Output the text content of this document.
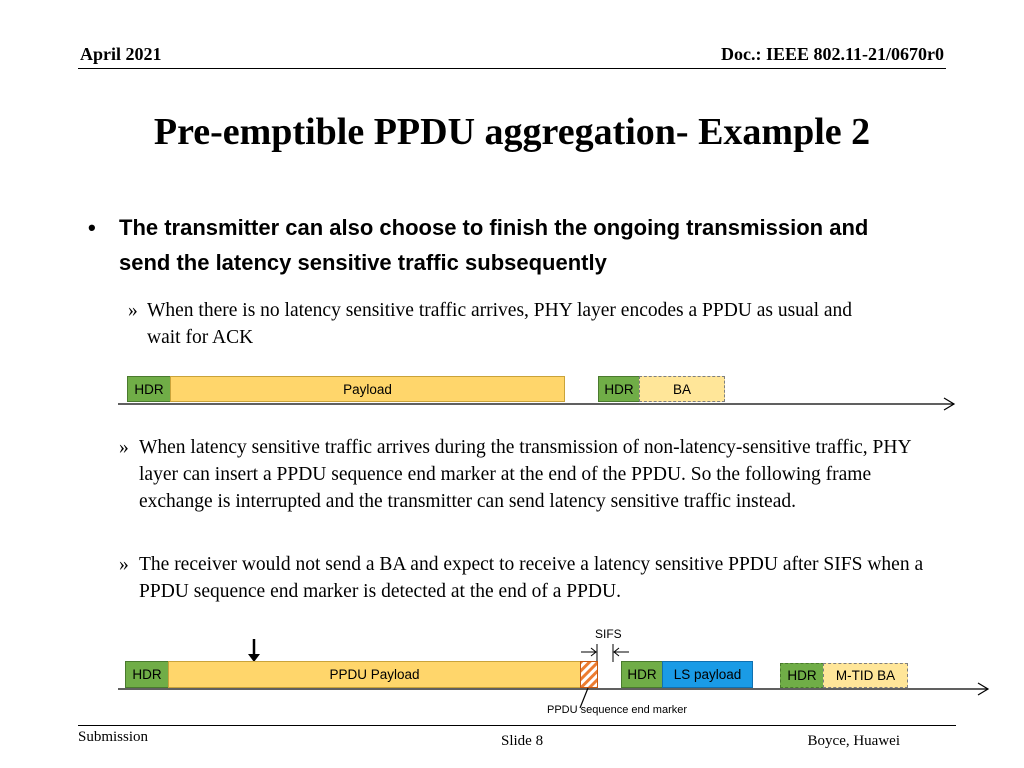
April 2021	Doc.: IEEE 802.11-21/0670r0
Pre-emptible PPDU aggregation- Example 2
• The transmitter can also choose to finish the ongoing transmission and send the latency sensitive traffic subsequently
» When there is no latency sensitive traffic arrives, PHY layer encodes a PPDU as usual and wait for ACK
HDR	Payload	HDR	BA
» When latency sensitive traffic arrives during the transmission of non-latency-sensitive traffic, PHY layer can insert a PPDU sequence end marker at the end of the PPDU. So the following frame exchange is interrupted and the transmitter can send latency sensitive traffic instead.
» The receiver would not send a BA and expect to receive a latency sensitive PPDU after SIFS when a PPDU sequence end marker is detected at the end of a PPDU.
SIFS
HDR	PPDU Payload	HDR	LS payload	HDR	M-TID BA
PPDU sequence end marker
Submission	Slide 8	Boyce, Huawei
